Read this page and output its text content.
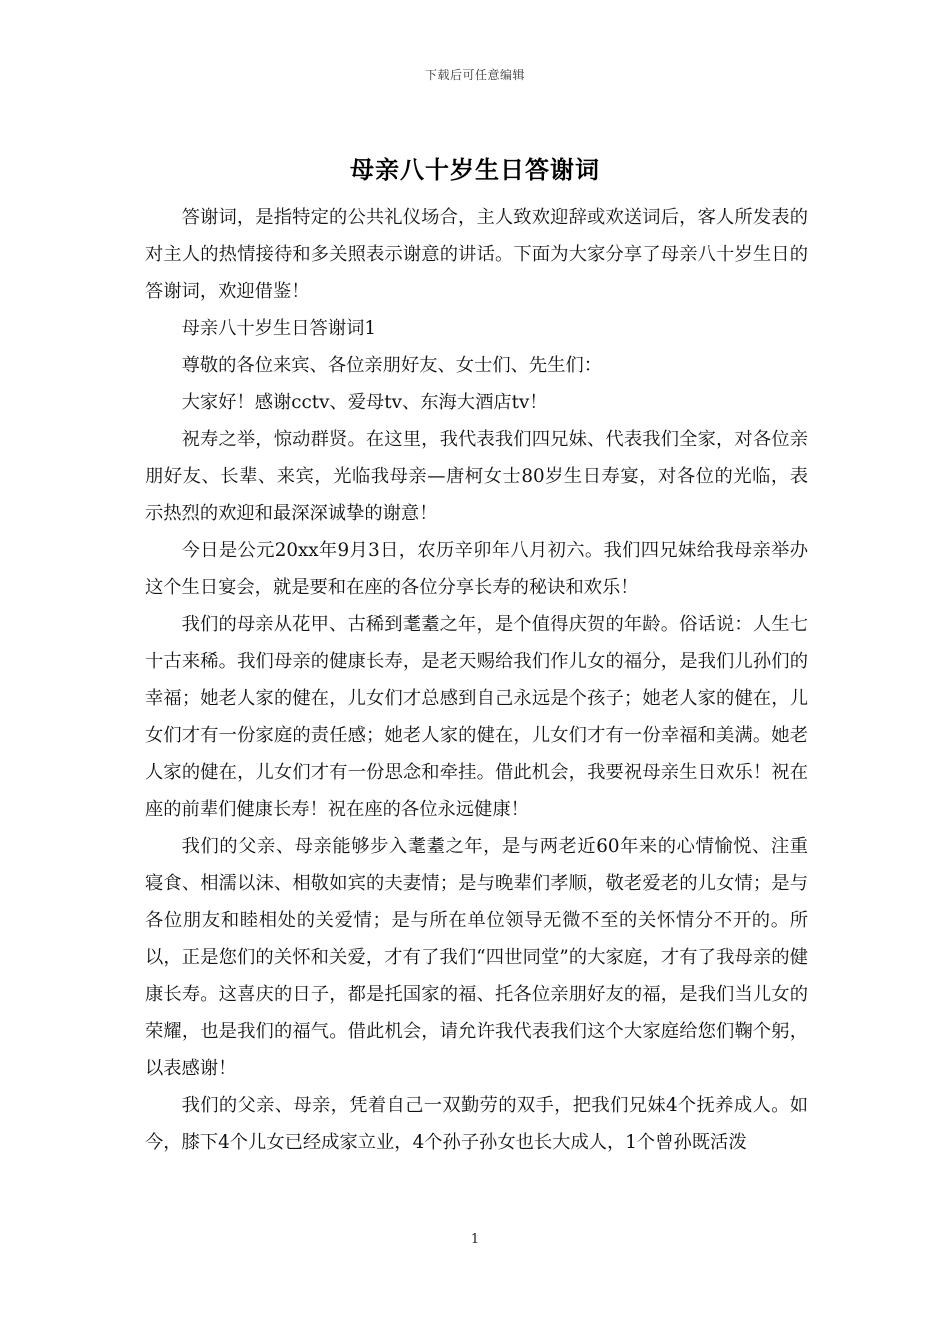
下载后可任意编辑
母亲八十岁生日答谢词

答谢词，是指特定的公共礼仪场合，主人致欢迎辞或欢送词后，客人所发表的对主人的热情接待和多关照表示谢意的讲话。下面为大家分享了母亲八十岁生日的答谢词，欢迎借鉴！

母亲八十岁生日答谢词1

尊敬的各位来宾、各位亲朋好友、女士们、先生们：

大家好！感谢cctv、爱母tv、东海大酒店tv！

祝寿之举，惊动群贤。在这里，我代表我们四兄妹、代表我们全家，对各位亲朋好友、长辈、来宾，光临我母亲—唐柯女士80岁生日寿宴，对各位的光临，表示热烈的欢迎和最深深诚挚的谢意！

今日是公元20xx年9月3日，农历辛卯年八月初六。我们四兄妹给我母亲举办这个生日宴会，就是要和在座的各位分享长寿的秘诀和欢乐！

我们的母亲从花甲、古稀到耄耋之年，是个值得庆贺的年龄。俗话说：人生七十古来稀。我们母亲的健康长寿，是老天赐给我们作儿女的福分，是我们儿孙们的幸福；她老人家的健在，儿女们才总感到自己永远是个孩子；她老人家的健在，儿女们才有一份家庭的责任感；她老人家的健在，儿女们才有一份幸福和美满。她老人家的健在，儿女们才有一份思念和牵挂。借此机会，我要祝母亲生日欢乐！祝在座的前辈们健康长寿！祝在座的各位永远健康！

我们的父亲、母亲能够步入耄耋之年，是与两老近60年来的心情愉悦、注重寝食、相濡以沫、相敬如宾的夫妻情；是与晚辈们孝顺，敬老爱老的儿女情；是与各位朋友和睦相处的关爱情；是与所在单位领导无微不至的关怀情分不开的。所以，正是您们的关怀和关爱，才有了我们“四世同堂”的大家庭，才有了我母亲的健康长寿。这喜庆的日子，都是托国家的福、托各位亲朋好友的福，是我们当儿女的荣耀，也是我们的福气。借此机会，请允许我代表我们这个大家庭给您们鞠个躬，以表感谢！

我们的父亲、母亲，凭着自己一双勤劳的双手，把我们兄妹4个抚养成人。如今，膝下4个儿女已经成家立业，4个孙子孙女也长大成人，1个曾孙既活泼

1
